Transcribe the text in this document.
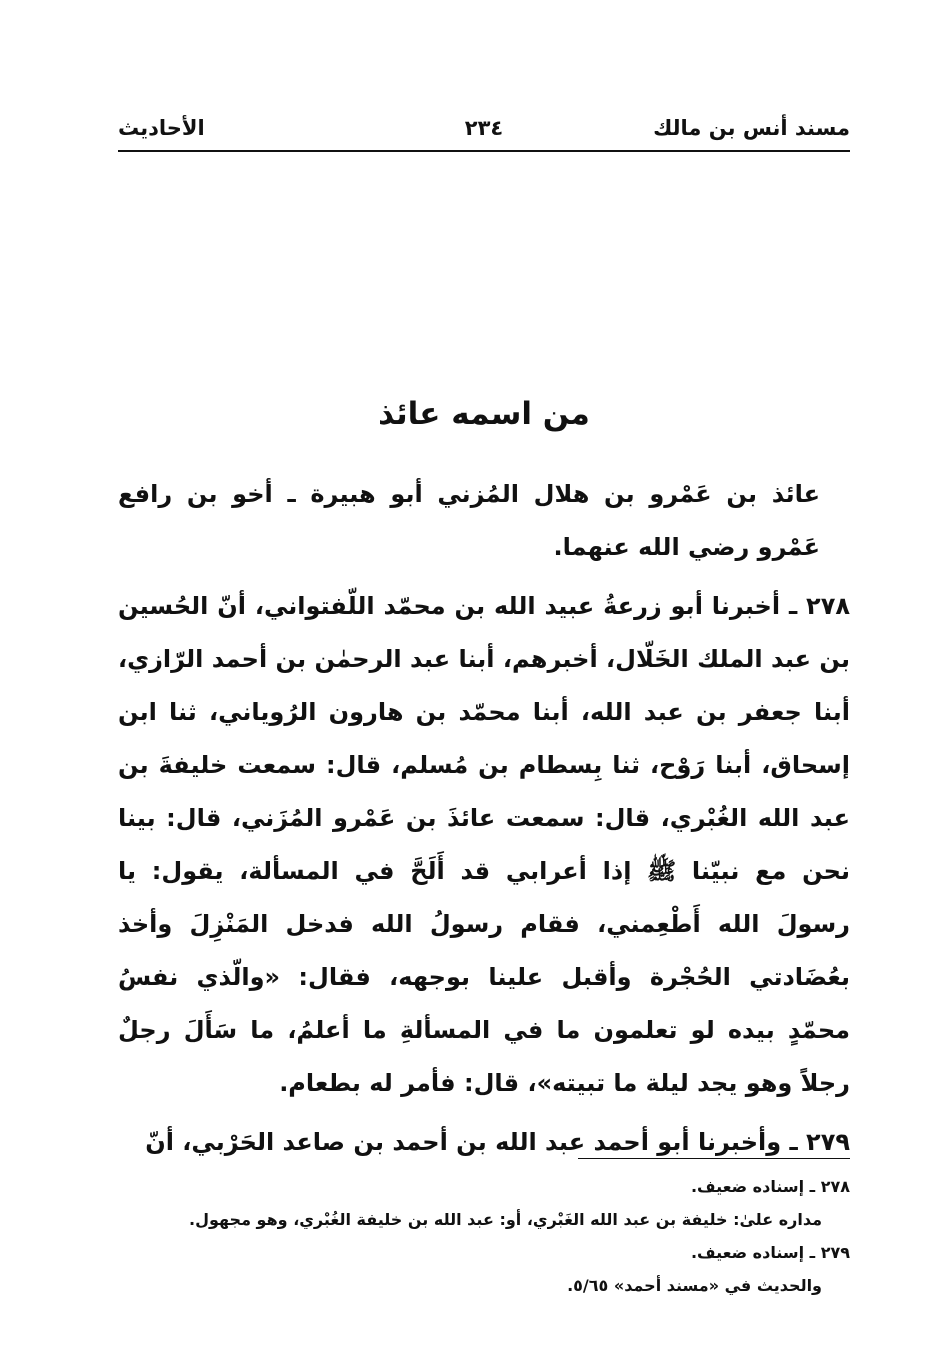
مسند أنس بن مالك
٢٣٤
الأحاديث
من اسمه عائذ

عائذ بن عَمْرو بن هلال المُزني أبو هبيرة ـ أخو بن رافع عَمْرو رضي الله عنهما.

٢٧٨ ـ أخبرنا أبو زرعةُ عبيد الله بن محمّد اللّفتواني، أنّ الحُسين بن عبد الملك الخَلّال، أخبرهم، أبنا عبد الرحمٰن بن أحمد الرّازي، أبنا جعفر بن عبد الله، أبنا محمّد بن هارون الرُوياني، ثنا ابن إسحاق، أبنا رَوْح، ثنا بِسطام بن مُسلم، قال: سمعت خليفةَ بن عبد الله الغُبْري، قال: سمعت عائذَ بن عَمْرو المُزَني، قال: بينا نحن مع نبيّنا ﷺ إذا أعرابي قد أَلَحَّ في المسألة، يقول: يا رسولَ الله أَطْعِمني، فقام رسولُ الله فدخل المَنْزِلَ وأخذ بعُضَادتي الحُجْرة وأقبل علينا بوجهه، فقال: «والّذي نفسُ محمّدٍ بيده لو تعلمون ما في المسألةِ ما أعلمُ، ما سَأَلَ رجلٌ رجلاً وهو يجد ليلة ما تبيته»، قال: فأمر له بطعام.

٢٧٩ ـ وأخبرنا أبو أحمد عبد الله بن أحمد بن صاعد الحَرْبي، أنّ

٢٧٨ ـ إسناده ضعيف.

مداره علىٰ: خليفة بن عبد الله الغَبْري، أو: عبد الله بن خليفة الغُبْري، وهو مجهول.

٢٧٩ ـ إسناده ضعيف.

والحديث في «مسند أحمد» ٥/٦٥.
